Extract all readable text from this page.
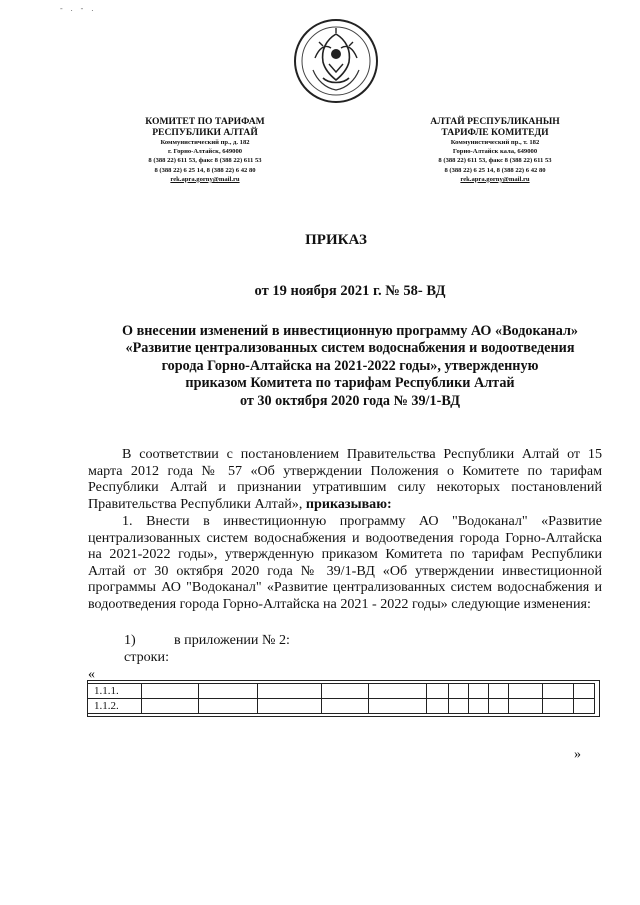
- . - .
КОМИТЕТ ПО ТАРИФАМ
РЕСПУБЛИКИ АЛТАЙ
Коммунистический пр., д. 182
г. Горно-Алтайск, 649000
8 (388 22) 611 53, факс 8 (388 22) 611 53
8 (388 22) 6 25 14, 8 (388 22) 6 42 80
rek.apra.gorny@mail.ru
АЛТАЙ РЕСПУБЛИКАНЫН
ТАРИФЛЕ КОМИТЕДИ
Коммунистический пр., т. 182
Горно-Алтайск кала, 649000
8 (388 22) 611 53, факс 8 (388 22) 611 53
8 (388 22) 6 25 14, 8 (388 22) 6 42 80
rek.apra.gorny@mail.ru
ПРИКАЗ
от 19 ноября 2021 г. № 58- ВД
О внесении изменений в инвестиционную программу АО «Водоканал»
«Развитие централизованных систем водоснабжения и водоотведения
города Горно-Алтайска на 2021-2022 годы», утвержденную
приказом Комитета по тарифам Республики Алтай
от 30 октября 2020 года № 39/1-ВД
В соответствии с постановлением Правительства Республики Алтай от 15 марта 2012 года № 57 «Об утверждении Положения о Комитете по тарифам Республики Алтай и признании утратившим силу некоторых постановлений Правительства Республики Алтай», приказываю:
1. Внести в инвестиционную программу АО "Водоканал" «Развитие централизованных систем водоснабжения и водоотведения города Горно-Алтайска на 2021-2022 годы», утвержденную приказом Комитета по тарифам Республики Алтай от 30 октября 2020 года № 39/1-ВД «Об утверждении инвестиционной программы АО "Водоканал" «Развитие централизованных систем водоснабжения и водоотведения города Горно-Алтайска на 2021 - 2022 годы» следующие изменения:
1)	в приложении № 2:
строки:
«
1.1.1.												
1.1.2.												
»
